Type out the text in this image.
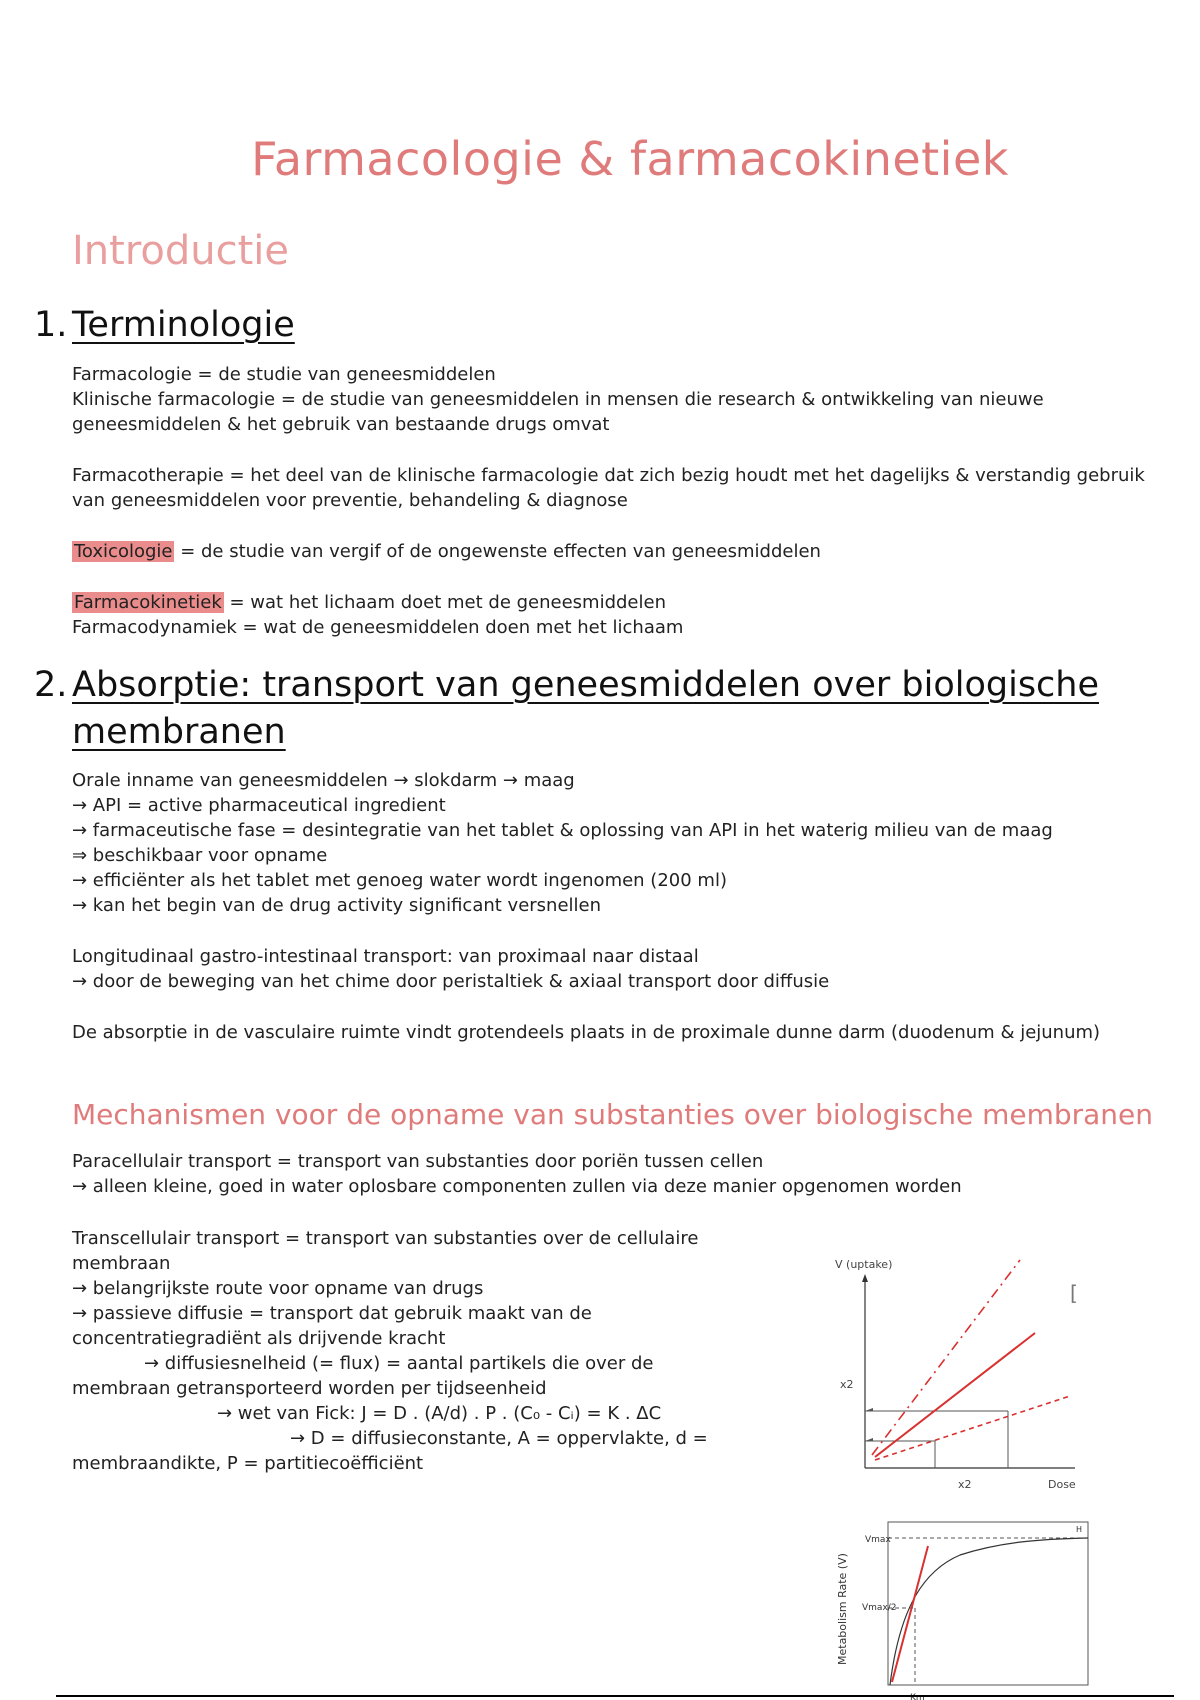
Farmacologie & farmacokinetiek
Introductie
1. Terminologie

Farmacologie = de studie van geneesmiddelen

Klinische farmacologie = de studie van geneesmiddelen in mensen die research & ontwikkeling van nieuwe geneesmiddelen & het gebruik van bestaande drugs omvat

Farmacotherapie = het deel van de klinische farmacologie dat zich bezig houdt met het dagelijks & verstandig gebruik van geneesmiddelen voor preventie, behandeling & diagnose

Toxicologie = de studie van vergif of de ongewenste effecten van geneesmiddelen

Farmacokinetiek = wat het lichaam doet met de geneesmiddelen

Farmacodynamiek = wat de geneesmiddelen doen met het lichaam

2. Absorptie: transport van geneesmiddelen over biologische
membranen

Orale inname van geneesmiddelen → slokdarm → maag

→ API = active pharmaceutical ingredient

→ farmaceutische fase = desintegratie van het tablet & oplossing van API in het waterig milieu van de maag

⇒ beschikbaar voor opname

→ efficiënter als het tablet met genoeg water wordt ingenomen (200 ml)

→ kan het begin van de drug activity significant versnellen

Longitudinaal gastro-intestinaal transport: van proximaal naar distaal

→ door de beweging van het chime door peristaltiek & axiaal transport door diffusie

De absorptie in de vasculaire ruimte vindt grotendeels plaats in de proximale dunne darm (duodenum & jejunum)

Mechanismen voor de opname van substanties over biologische membranen

Paracellulair transport = transport van substanties door poriën tussen cellen

→ alleen kleine, goed in water oplosbare componenten zullen via deze manier opgenomen worden

Transcellulair transport = transport van substanties over de cellulaire

membraan

→ belangrijkste route voor opname van drugs

→ passieve diffusie = transport dat gebruik maakt van de

concentratiegradiënt als drijvende kracht

→ diffusiesnelheid (= flux) = aantal partikels die over de

membraan getransporteerd worden per tijdseenheid

→ wet van Fick: J = D . (A/d) . P . (C₀ - Cᵢ) = K . ΔC

→ D = diffusieconstante, A = oppervlakte, d =

membraandikte, P = partitiecoëfficiënt

V (uptake)
x2
x2	Dose
[
Metabolism Rate (V)
Vmax
Vmax/2
H
